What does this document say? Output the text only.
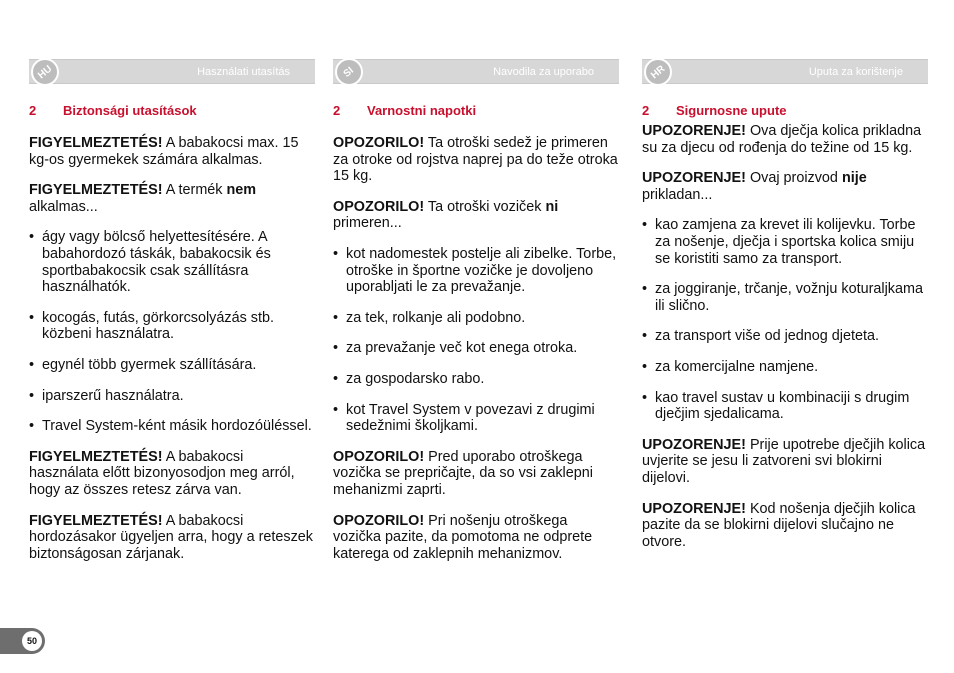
HU	Használati utasítás
2 Biztonsági utasítások

FIGYELMEZTETÉS! A babakocsi max. 15 kg-os gyermekek számára alkalmas.

FIGYELMEZTETÉS! A termék nem alkalmas...

• ágy vagy bölcső helyettesítésére. A babahordozó táskák, babakocsik és sportbabakocsik csak szállításra használhatók.
• kocogás, futás, görkorcsolyázás stb. közbeni használatra.
• egynél több gyermek szállítására.
• iparszerű használatra.
• Travel System-ként másik hordozóüléssel.

FIGYELMEZTETÉS! A babakocsi használata előtt bizonyosodjon meg arról, hogy az összes retesz zárva van.

FIGYELMEZTETÉS! A babakocsi hordozásakor ügyeljen arra, hogy a reteszek biztonságosan zárjanak.

SI	Navodila za uporabo
2 Varnostni napotki

OPOZORILO! Ta otroški sedež je primeren za otroke od rojstva naprej pa do teže otroka 15 kg.

OPOZORILO! Ta otroški voziček ni primeren...

• kot nadomestek postelje ali zibelke. Torbe, otroške in športne vozičke je dovoljeno uporabljati le za prevažanje.
• za tek, rolkanje ali podobno.
• za prevažanje več kot enega otroka.
• za gospodarsko rabo.
• kot Travel System v povezavi z drugimi sedežnimi školjkami.

OPOZORILO! Pred uporabo otroškega vozička se prepričajte, da so vsi zaklepni mehanizmi zaprti.

OPOZORILO! Pri nošenju otroškega vozička pazite, da pomotoma ne odprete katerega od zaklepnih mehanizmov.

HR	Uputa za korištenje
2 Sigurnosne upute

UPOZORENJE! Ova dječja kolica prikladna su za djecu od rođenja do težine od 15 kg.

UPOZORENJE! Ovaj proizvod nije prikladan...

• kao zamjena za krevet ili kolijevku. Torbe za nošenje, dječja i sportska kolica smiju se koristiti samo za transport.
• za joggiranje, trčanje, vožnju koturaljkama ili slično.
• za transport više od jednog djeteta.
• za komercijalne namjene.
• kao travel sustav u kombinaciji s drugim dječjim sjedalicama.

UPOZORENJE! Prije upotrebe dječjih kolica uvjerite se jesu li zatvoreni svi blokirni dijelovi.

UPOZORENJE! Kod nošenja dječjih kolica pazite da se blokirni dijelovi slučajno ne otvore.

50
